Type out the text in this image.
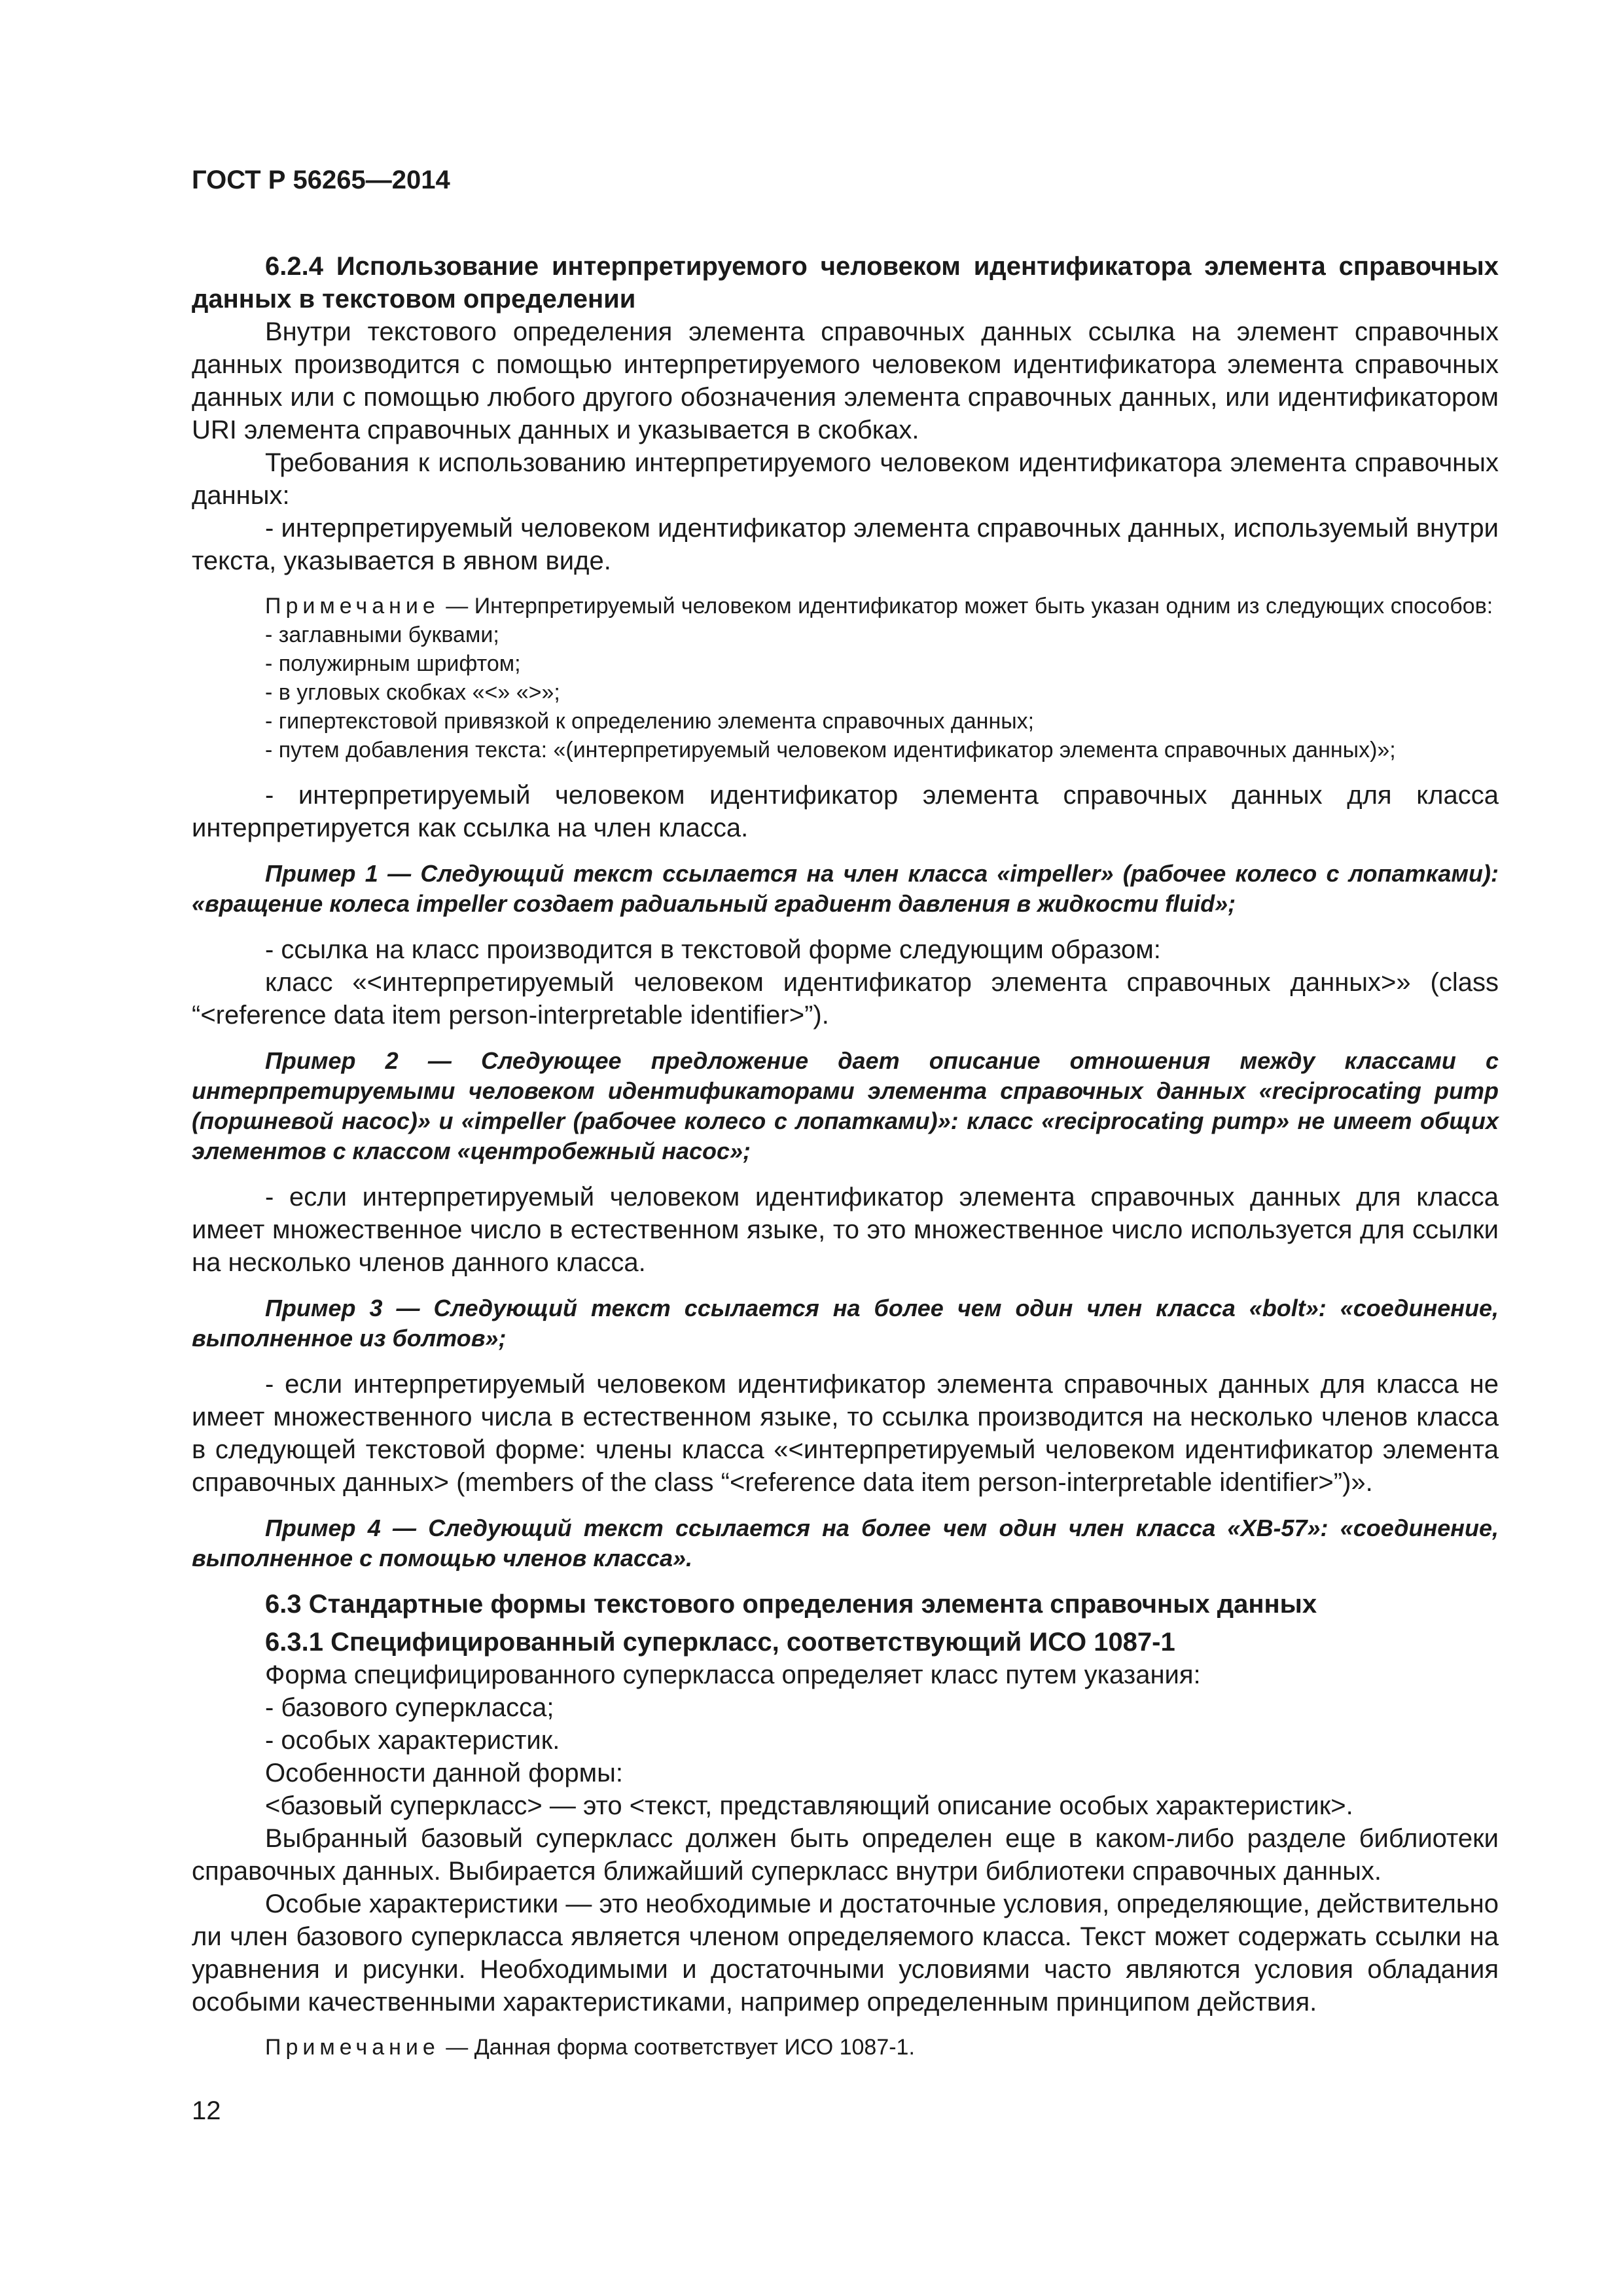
ГОСТ Р 56265—2014

6.2.4 Использование интерпретируемого человеком идентификатора элемента справочных данных в текстовом определении

Внутри текстового определения элемента справочных данных ссылка на элемент справочных данных производится с помощью интерпретируемого человеком идентификатора элемента справочных данных или с помощью любого другого обозначения элемента справочных данных, или идентификатором URI элемента справочных данных и указывается в скобках.

Требования к использованию интерпретируемого человеком идентификатора элемента справочных данных:

- интерпретируемый человеком идентификатор элемента справочных данных, используемый внутри текста, указывается в явном виде.

Примечание — Интерпретируемый человеком идентификатор может быть указан одним из следующих способов:

- заглавными буквами;
- полужирным шрифтом;
- в угловых скобках «<» «>»;
- гипертекстовой привязкой к определению элемента справочных данных;
- путем добавления текста: «(интерпретируемый человеком идентификатор элемента справочных данных)»;

- интерпретируемый человеком идентификатор элемента справочных данных для класса интерпретируется как ссылка на член класса.

Пример 1 — Следующий текст ссылается на член класса «impeller» (рабочее колесо с лопатками): «вращение колеса impeller создает радиальный градиент давления в жидкости fluid»;

- ссылка на класс производится в текстовой форме следующим образом:

класс «<интерпретируемый человеком идентификатор элемента справочных данных>» (class “<reference data item person-interpretable identifier>”).

Пример 2 — Следующее предложение дает описание отношения между классами с интерпретируемыми человеком идентификаторами элемента справочных данных «reciprocating pump (поршневой насос)» и «impeller (рабочее колесо с лопатками)»: класс «reciprocating pump» не имеет общих элементов с классом «центробежный насос»;

- если интерпретируемый человеком идентификатор элемента справочных данных для класса имеет множественное число в естественном языке, то это множественное число используется для ссылки на несколько членов данного класса.

Пример 3 — Следующий текст ссылается на более чем один член класса «bolt»: «соединение, выполненное из болтов»;

- если интерпретируемый человеком идентификатор элемента справочных данных для класса не имеет множественного числа в естественном языке, то ссылка производится на несколько членов класса в следующей текстовой форме: члены класса «<интерпретируемый человеком идентификатор элемента справочных данных> (members of the class “<reference data item person-interpretable identifier>”)».

Пример 4 — Следующий текст ссылается на более чем один член класса «XB-57»: «соединение, выполненное с помощью членов класса».

6.3 Стандартные формы текстового определения элемента справочных данных

6.3.1 Специфицированный суперкласс, соответствующий ИСО 1087-1

Форма специфицированного суперкласса определяет класс путем указания:

- базового суперкласса;

- особых характеристик.

Особенности данной формы:

<базовый суперкласс> — это <текст, представляющий описание особых характеристик>.

Выбранный базовый суперкласс должен быть определен еще в каком-либо разделе библиотеки справочных данных. Выбирается ближайший суперкласс внутри библиотеки справочных данных.

Особые характеристики — это необходимые и достаточные условия, определяющие, действительно ли член базового суперкласса является членом определяемого класса. Текст может содержать ссылки на уравнения и рисунки. Необходимыми и достаточными условиями часто являются условия обладания особыми качественными характеристиками, например определенным принципом действия.

Примечание — Данная форма соответствует ИСО 1087-1.

12
